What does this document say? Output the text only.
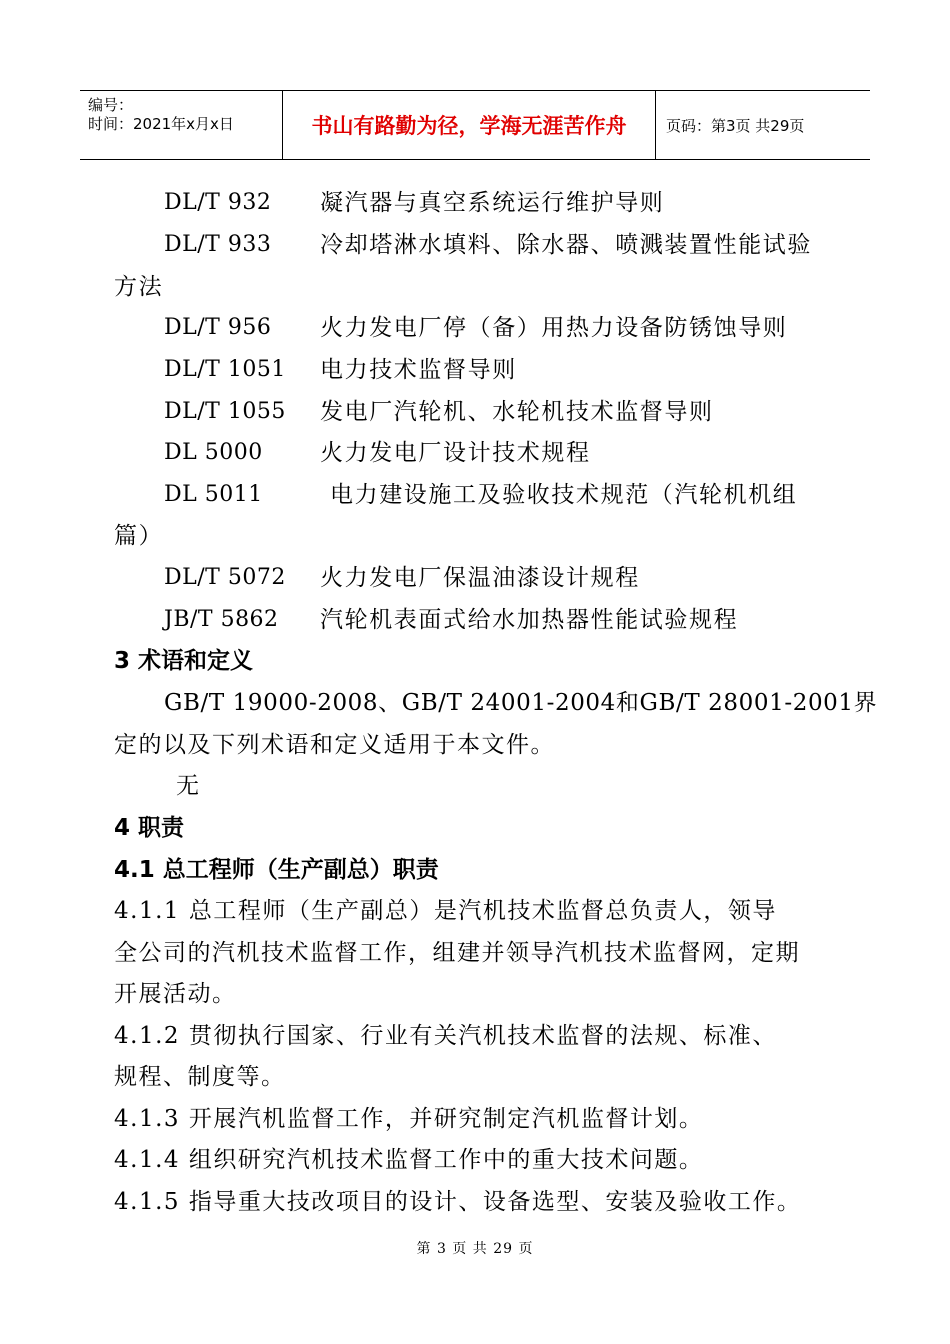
编号：
时间：2021年x月x日	书山有路勤为径，学海无涯苦作舟	页码：第3页 共29页
DL/T 932 凝汽器与真空系统运行维护导则
DL/T 933 冷却塔淋水填料、除水器、喷溅装置性能试验
方法
DL/T 956 火力发电厂停（备）用热力设备防锈蚀导则
DL/T 1051 电力技术监督导则
DL/T 1055 发电厂汽轮机、水轮机技术监督导则
DL 5000 火力发电厂设计技术规程
DL 5011	电力建设施工及验收技术规范（汽轮机机组
篇）
DL/T 5072 火力发电厂保温油漆设计规程
JB/T 5862 汽轮机表面式给水加热器性能试验规程
3 术语和定义
GB/T 19000-2008、GB/T 24001-2004和GB/T 28001-2001界
定的以及下列术语和定义适用于本文件。
无
4 职责
4.1 总工程师（生产副总）职责
4.1.1 总工程师（生产副总）是汽机技术监督总负责人，领导
全公司的汽机技术监督工作，组建并领导汽机技术监督网，定期
开展活动。
4.1.2 贯彻执行国家、行业有关汽机技术监督的法规、标准、
规程、制度等。
4.1.3 开展汽机监督工作，并研究制定汽机监督计划。
4.1.4 组织研究汽机技术监督工作中的重大技术问题。
4.1.5 指导重大技改项目的设计、设备选型、安装及验收工作。
第 3 页 共 29 页
